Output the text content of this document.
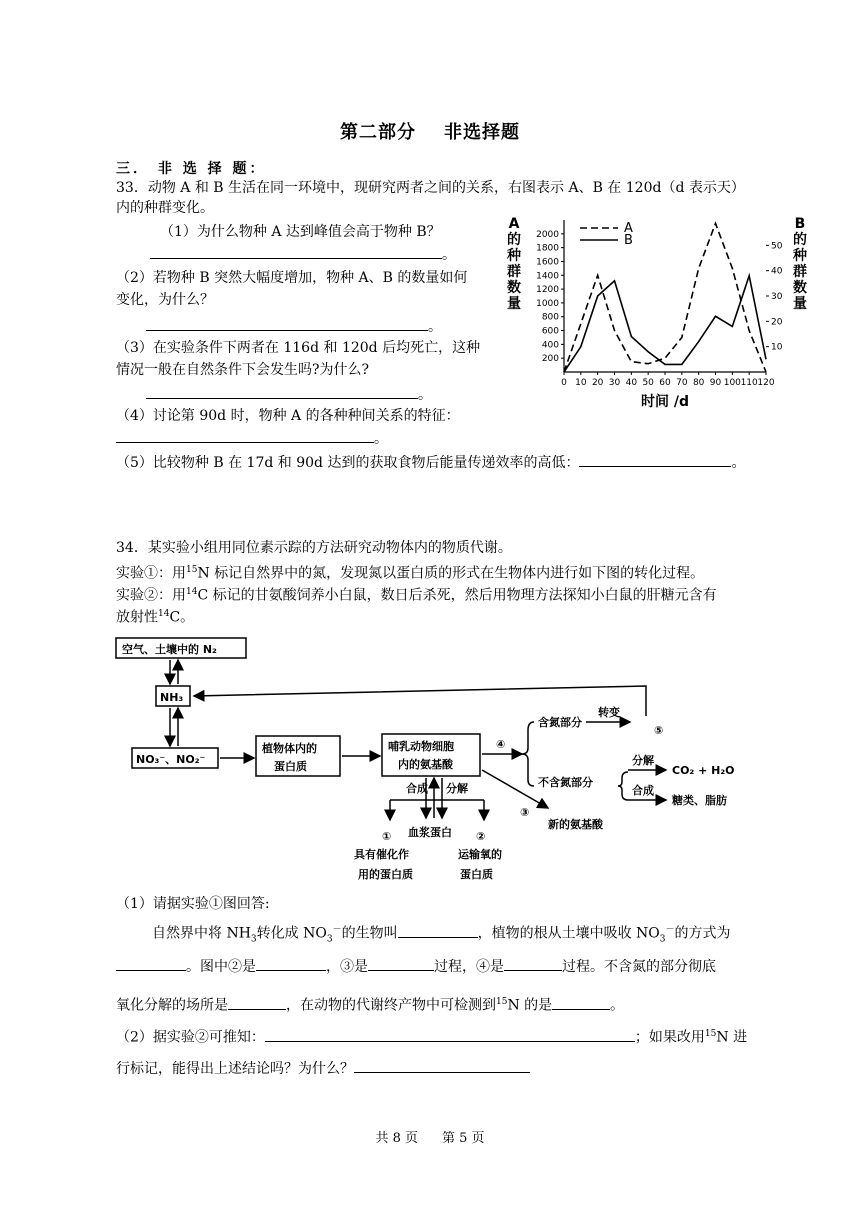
第二部分 非选择题
三． 非 选 择 题：
33．动物 A 和 B 生活在同一环境中，现研究两者之间的关系，右图表示 A、B 在 120d（d 表示天）
内的种群变化。
（1）为什么物种 A 达到峰值会高于物种 B？
。
（2）若物种 B 突然大幅度增加，物种 A、B 的数量如何
变化，为什么？
。
（3）在实验条件下两者在 116d 和 120d 后均死亡，这种
情况一般在自然条件下会发生吗?为什么?
。
（4）讨论第 90d 时，物种 A 的各种种间关系的特征：
。
（5）比较物种 B 在 17d 和 90d 达到的获取食物后能量传递效率的高低：	。
A
的
种
群
数
量
B
的
种
群
数
量
2000
1800
1600
1400
1200
1000
800
600
400
200
50
40
30
20
10
0 10 20 30 40 50 60 70 80 90 100 110 120
A
B
时间 /d
34．某实验小组用同位素示踪的方法研究动物体内的物质代谢。
实验①：用$^{15}$N 标记自然界中的氮，发现氮以蛋白质的形式在生物体内进行如下图的转化过程。
实验②：用$^{14}$C 标记的甘氨酸饲养小白鼠，数日后杀死，然后用物理方法探知小白鼠的肝糖元含有
放射性$^{14}$C。
空气、土壤中的 N₂
NH₃
NO₃⁻、NO₂⁻
植物体内的
蛋白质
哺乳动物细胞
内的氨基酸
④
含氮部分
转变
⑤
不含氮部分
分解
CO₂ + H₂O
合成
糖类、脂肪
③
新的氨基酸
合成 分解
① 血浆蛋白 ②
具有催化作
用的蛋白质
运输氧的
蛋白质
（1）请据实验①图回答:
自然界中将 $NH_3$转化成 $NO_3^-$的生物叫	，植物的根从土壤中吸收 $NO_3^-$的方式为
。图中②是	，③是	过程，④是	过程。不含氮的部分彻底
氧化分解的场所是	，在动物的代谢终产物中可检测到$^{15}$N 的是	。
（2）据实验②可推知：	；如果改用$^{15}$N 进
行标记，能得出上述结论吗？为什么？
共 8 页 第 5 页
